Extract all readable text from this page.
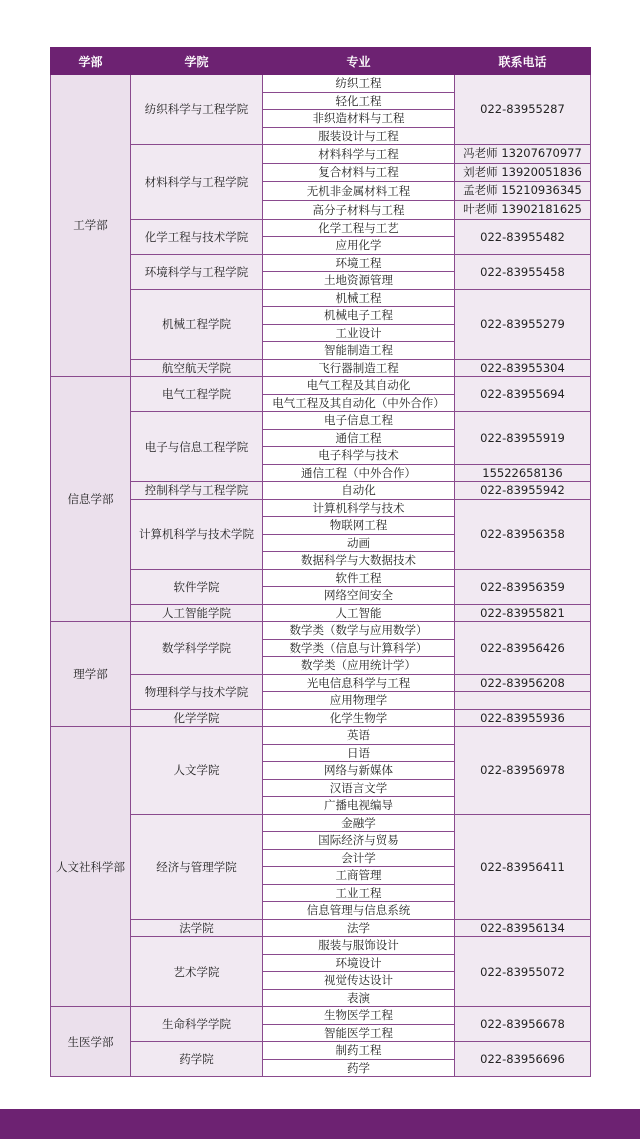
学部	学院	专业	联系电话
工学部	纺织科学与工程学院	纺织工程	022-83955287
		轻化工程	
		非织造材料与工程	
		服装设计与工程	
	材料科学与工程学院	材料科学与工程	冯老师 13207670977
		复合材料与工程	刘老师 13920051836
		无机非金属材料工程	孟老师 15210936345
		高分子材料与工程	叶老师 13902181625
	化学工程与技术学院	化学工程与工艺	022-83955482
		应用化学	
	环境科学与工程学院	环境工程	022-83955458
		土地资源管理	
	机械工程学院	机械工程	022-83955279
		机械电子工程	
		工业设计	
		智能制造工程	
	航空航天学院	飞行器制造工程	022-83955304
信息学部	电气工程学院	电气工程及其自动化	022-83955694
		电气工程及其自动化（中外合作）	
	电子与信息工程学院	电子信息工程	022-83955919
		通信工程	
		电子科学与技术	
		通信工程（中外合作）	15522658136
	控制科学与工程学院	自动化	022-83955942
	计算机科学与技术学院	计算机科学与技术	022-83956358
		物联网工程	
		动画	
		数据科学与大数据技术	
	软件学院	软件工程	022-83956359
		网络空间安全	
	人工智能学院	人工智能	022-83955821
理学部	数学科学学院	数学类（数学与应用数学）	022-83956426
		数学类（信息与计算科学）	
		数学类（应用统计学）	
	物理科学与技术学院	光电信息科学与工程	022-83956208
		应用物理学	
	化学学院	化学生物学	022-83955936
人文社科学部	人文学院	英语	022-83956978
		日语	
		网络与新媒体	
		汉语言文学	
		广播电视编导	
	经济与管理学院	金融学	022-83956411
		国际经济与贸易	
		会计学	
		工商管理	
		工业工程	
		信息管理与信息系统	
	法学院	法学	022-83956134
	艺术学院	服装与服饰设计	022-83955072
		环境设计	
		视觉传达设计	
		表演	
生医学部	生命科学学院	生物医学工程	022-83956678
		智能医学工程	
	药学院	制药工程	022-83956696
		药学	
